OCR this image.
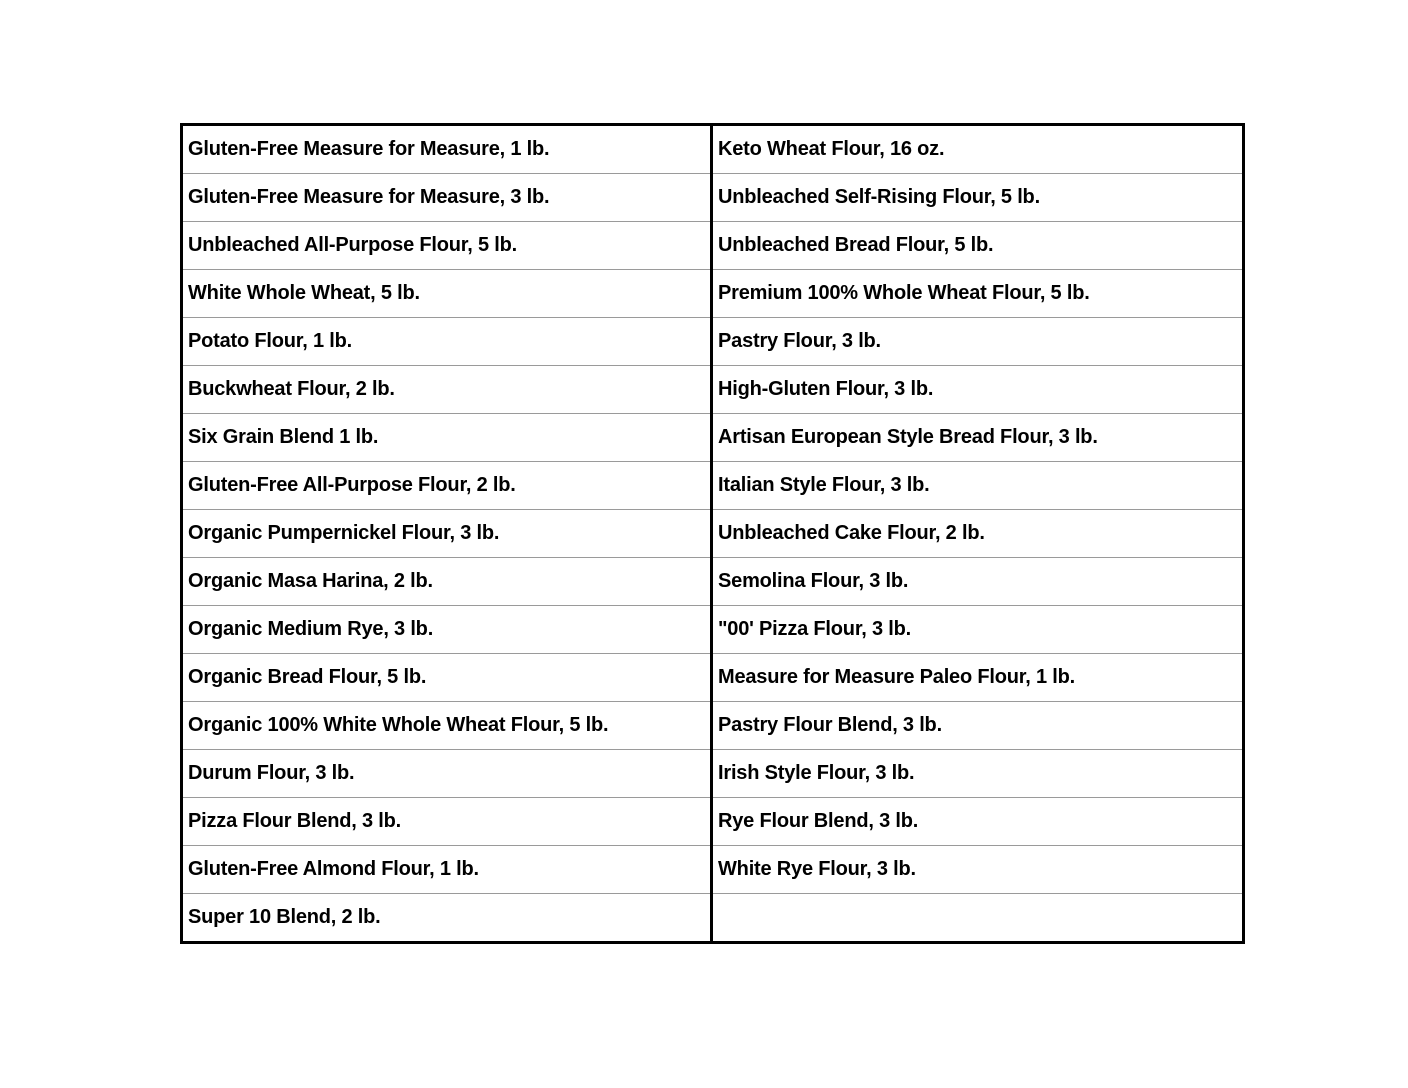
Gluten-Free Measure for Measure, 1 lb.	Keto Wheat Flour, 16 oz.
Gluten-Free Measure for Measure, 3 lb.	Unbleached Self-Rising Flour, 5 lb.
Unbleached All-Purpose Flour, 5 lb.	Unbleached Bread Flour, 5 lb.
White Whole Wheat, 5 lb.	Premium 100% Whole Wheat Flour, 5 lb.
Potato Flour, 1 lb.	Pastry Flour, 3 lb.
Buckwheat Flour, 2 lb.	High-Gluten Flour, 3 lb.
Six Grain Blend 1 lb.	Artisan European Style Bread Flour, 3 lb.
Gluten-Free All-Purpose Flour, 2 lb.	Italian Style Flour, 3 lb.
Organic Pumpernickel Flour, 3 lb.	Unbleached Cake Flour, 2 lb.
Organic Masa Harina, 2 lb.	Semolina Flour, 3 lb.
Organic Medium Rye, 3 lb.	"00' Pizza Flour, 3 lb.
Organic Bread Flour, 5 lb.	Measure for Measure Paleo Flour, 1 lb.
Organic 100% White Whole Wheat Flour, 5 lb.	Pastry Flour Blend, 3 lb.
Durum Flour, 3 lb.	Irish Style Flour, 3 lb.
Pizza Flour Blend, 3 lb.	Rye Flour Blend, 3 lb.
Gluten-Free Almond Flour, 1 lb.	White Rye Flour, 3 lb.
Super 10 Blend, 2 lb.	
